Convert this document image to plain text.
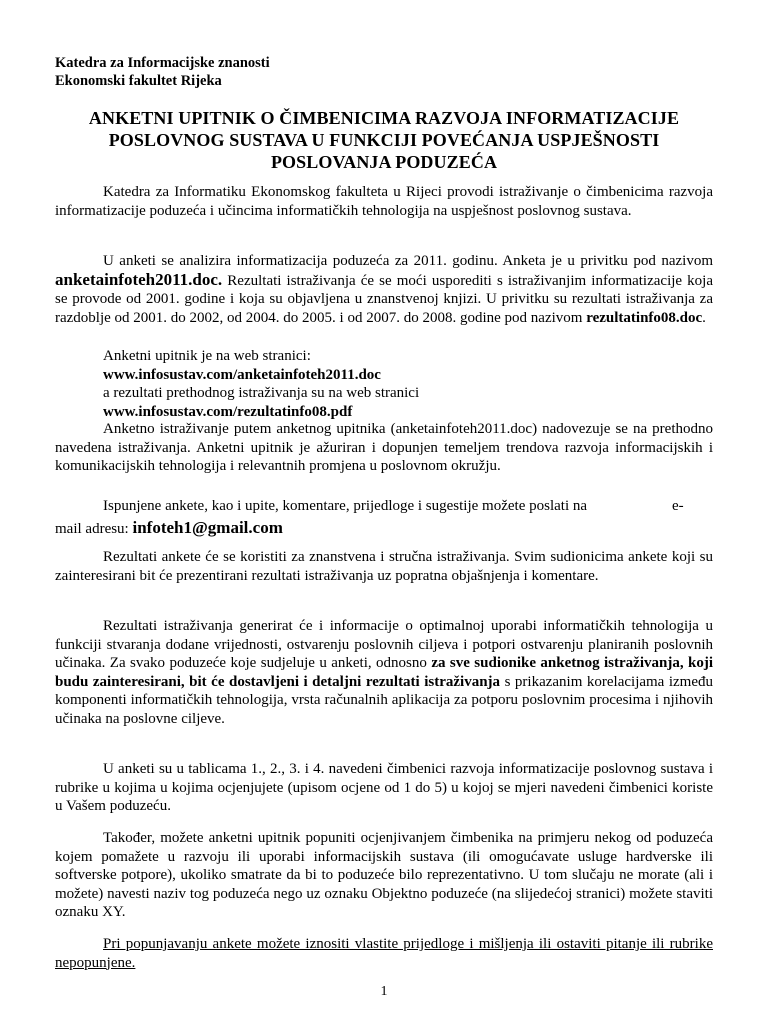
Katedra za Informacijske znanosti
Ekonomski fakultet Rijeka
ANKETNI UPITNIK O ČIMBENICIMA RAZVOJA INFORMATIZACIJE
POSLOVNOG SUSTAVA U FUNKCIJI POVEĆANJA USPJEŠNOSTI
POSLOVANJA PODUZEĆA

Katedra za Informatiku Ekonomskog fakulteta u Rijeci provodi istraživanje o čimbenicima razvoja informatizacije poduzeća i učincima informatičkih tehnologija na uspješnost poslovnog sustava.

U anketi se analizira informatizacija poduzeća za 2011. godinu. Anketa je u privitku pod nazivom anketainfoteh2011.doc. Rezultati istraživanja će se moći usporediti s istraživanjim informatizacije koja se provode od 2001. godine i koja su objavljena u znanstvenoj knjizi. U privitku su rezultati istraživanja za razdoblje od 2001. do 2002, od 2004. do 2005. i od 2007. do 2008. godine pod nazivom rezultatinfo08.doc.

Anketni upitnik je na web stranici:
www.infosustav.com/anketainfoteh2011.doc
a rezultati prethodnog istraživanja su na web stranici
www.infosustav.com/rezultatinfo08.pdf

Anketno istraživanje putem anketnog upitnika (anketainfoteh2011.doc) nadovezuje se na prethodno navedena istraživanja. Anketni upitnik je ažuriran i dopunjen temeljem trendova razvoja informacijskih i komunikacijskih tehnologija i relevantnih promjena u poslovnom okružju.

Ispunjene ankete, kao i upite, komentare, prijedloge i sugestije možete poslati na	e-
mail adresu: infoteh1@gmail.com

Rezultati ankete će se koristiti za znanstvena i stručna istraživanja. Svim sudionicima ankete koji su zainteresirani bit će prezentirani rezultati istraživanja uz popratna objašnjenja i komentare.

Rezultati istraživanja generirat će i informacije o optimalnoj uporabi informatičkih tehnologija u funkciji stvaranja dodane vrijednosti, ostvarenju poslovnih ciljeva i potpori ostvarenju planiranih poslovnih učinaka. Za svako poduzeće koje sudjeluje u anketi, odnosno za sve sudionike anketnog istraživanja, koji budu zainteresirani, bit će dostavljeni i detaljni rezultati istraživanja s prikazanim korelacijama između komponenti informatičkih tehnologija, vrsta računalnih aplikacija za potporu poslovnim procesima i njihovih učinaka na poslovne ciljeve.

U anketi su u tablicama 1., 2., 3. i 4. navedeni čimbenici razvoja informatizacije poslovnog sustava i rubrike u kojima u kojima ocjenjujete (upisom ocjene od 1 do 5) u kojoj se mjeri navedeni čimbenici koriste u Vašem poduzeću.

Također, možete anketni upitnik popuniti ocjenjivanjem čimbenika na primjeru nekog od poduzeća kojem pomažete u razvoju ili uporabi informacijskih sustava (ili omogućavate usluge hardverske ili softverske potpore), ukoliko smatrate da bi to poduzeće bilo reprezentativno. U tom slučaju ne morate (ali i možete) navesti naziv tog poduzeća nego uz oznaku Objektno poduzeće (na slijedećoj stranici) možete staviti oznaku XY.

Pri popunjavanju ankete možete iznositi vlastite prijedloge i mišljenja ili ostaviti pitanje ili rubrike nepopunjene.

1
